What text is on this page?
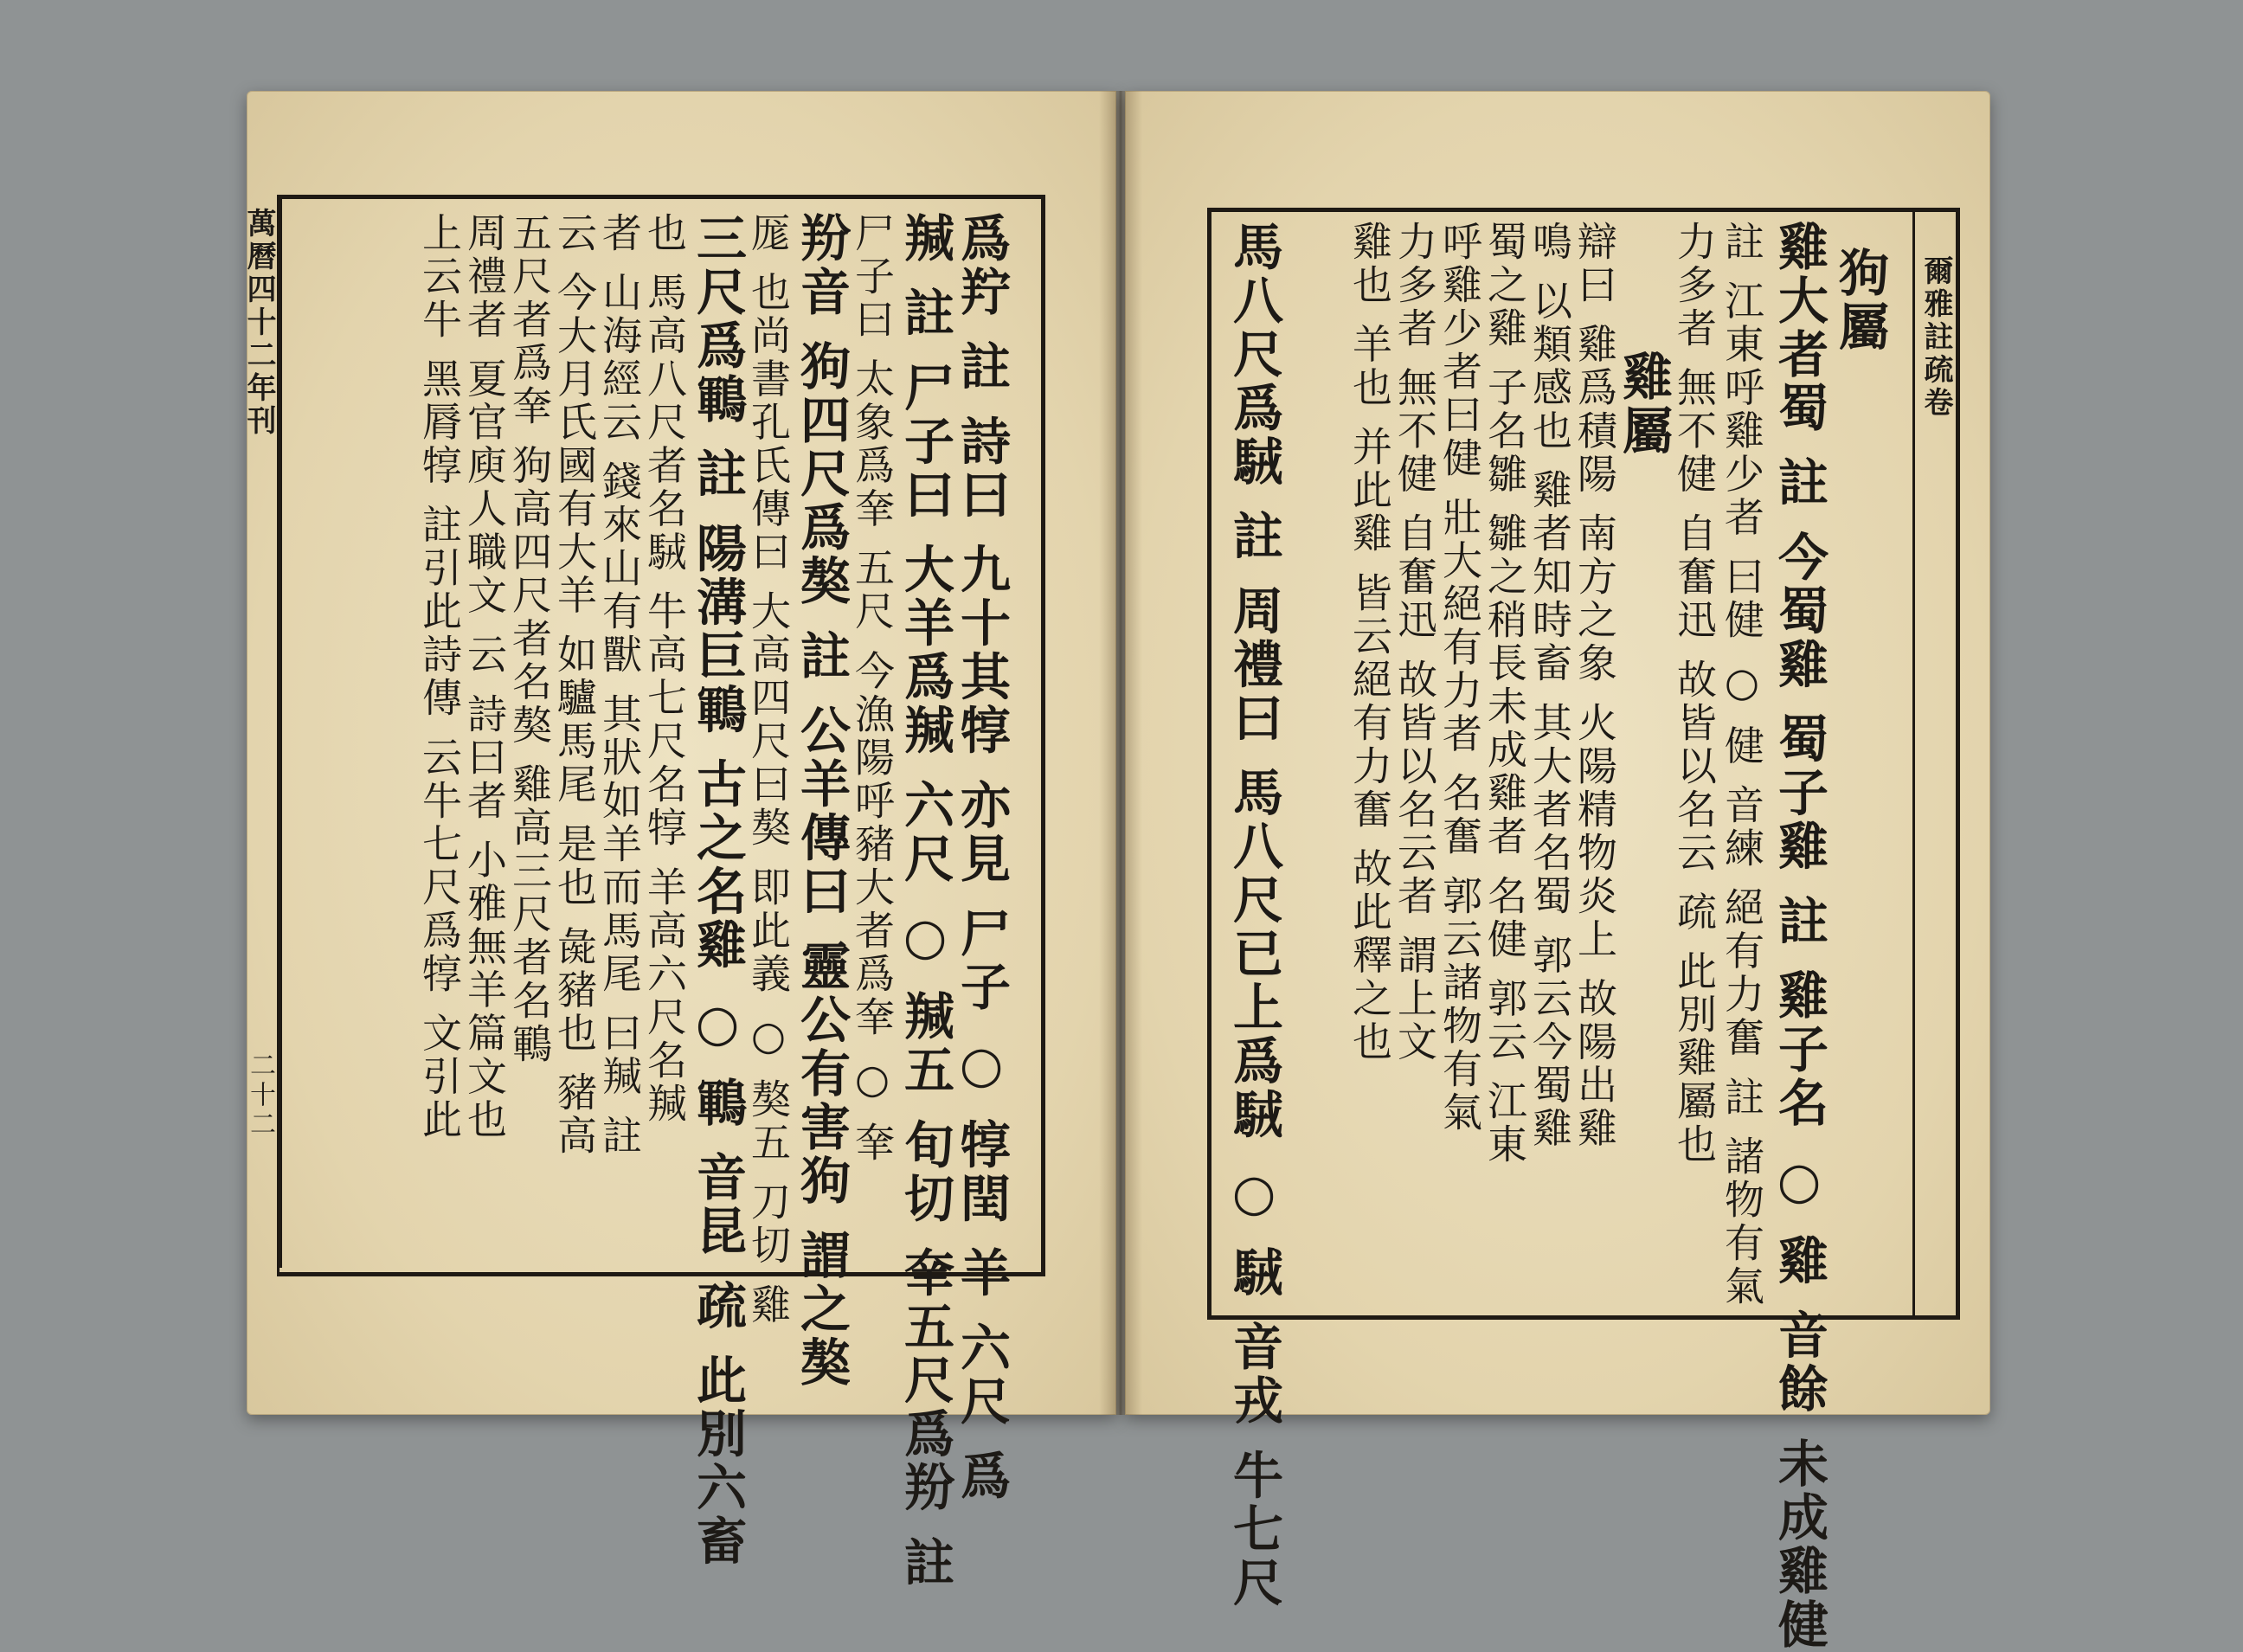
萬曆四十二年刊
二十二	爲羜 註 詩曰 九十其犉 亦見 尸子 ○ 犉閏 羊 六尺 爲
羬 註 尸子曰 大羊爲羬 六尺 ○ 羬五 旬切 羍五尺爲羒 註
尸子曰 太象爲羍 五尺 今漁陽呼豬大者爲羍 ○ 羍
羒音 狗四尺爲獒 註 公羊傳曰 靈公有害狗 謂之獒
厖 也尚書孔氏傳曰 大高四尺曰獒 即此義 ○ 獒五 刀切 雞
三尺爲鶤 註 陽溝巨鶤 古之名雞 ○ 鶤 音昆 疏 此別六畜
也 馬高八尺者名駥 牛高七尺名犉 羊高六尺名羬
者 山海經云 錢來山有獸 其狀如羊而馬尾 曰羬 註
云 今大月氏國有大羊 如驢馬尾 是也 彘豬也 豬高
五尺者爲羍 狗高四尺者名獒 雞高三尺者名鶤
周禮者 夏官庾人職文 云 詩曰者 小雅無羊篇文也
上云牛 黑脣犉 註引此詩傳 云牛七尺爲犉 文引此	爾雅註疏卷
狗屬
雞大者蜀 註 今蜀雞 蜀子雞 註 雞子名 ○ 雞 音餘 未成雞健
註 江東呼雞少者 曰健 ○ 健 音練 絕有力奮 註 諸物有氣
力多者 無不健 自奮迅 故皆以名云 疏 此別雞屬也
雞屬
辯曰 雞爲積陽 南方之象 火陽精物炎上 故陽出雞
鳴 以類感也 雞者知時畜 其大者名蜀 郭云今蜀雞
蜀之雞 子名雛 雛之稍長未成雞者 名健 郭云 江東
呼雞少者曰健 壯大絕有力者 名奮 郭云諸物有氣
力多者 無不健 自奮迅 故皆以名云者 謂上文
雞也 羊也 并此雞 皆云絕有力奮 故此釋之也
馬八尺爲駥 註 周禮曰 馬八尺已上爲駥 ○ 駥 音戎 牛七尺
